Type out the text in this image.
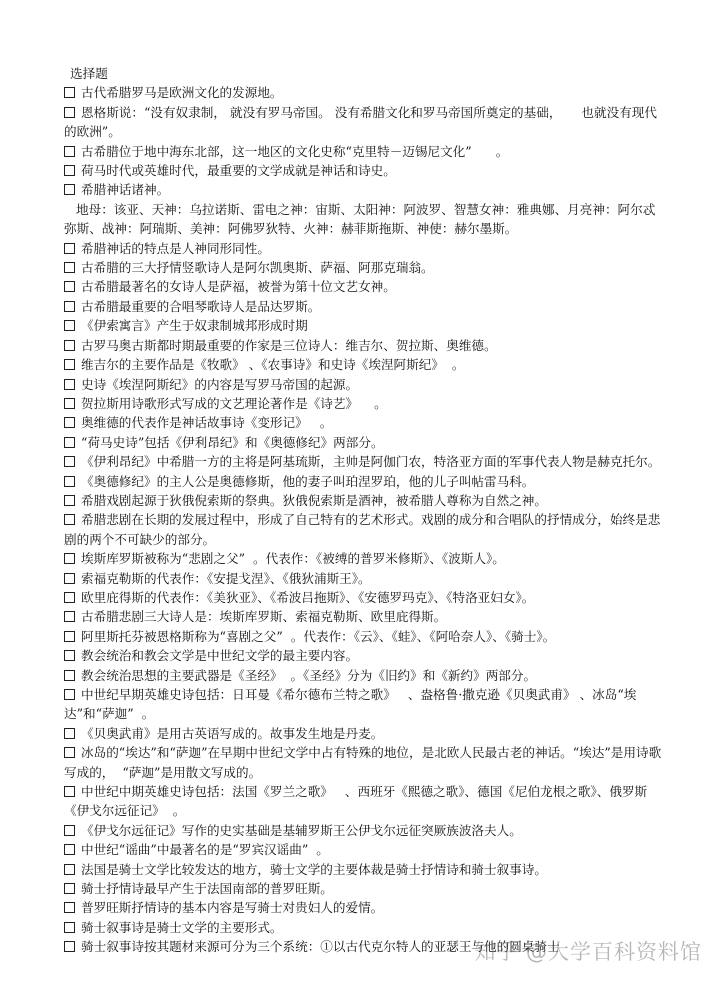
选择题

古代希腊罗马是欧洲文化的发源地。

恩格斯说：“没有奴隶制， 就没有罗马帝国。 没有希腊文化和罗马帝国所奠定的基础，     也就没有现代的欧洲”。

古希腊位于地中海东北部，这一地区的文化史称“克里特－迈锡尼文化”      。

荷马时代或英雄时代，最重要的文学成就是神话和诗史。

希腊神话诸神。

地母：该亚、天神：乌拉诺斯、雷电之神：宙斯、太阳神：阿波罗、智慧女神：雅典娜、月亮神：阿尔忒弥斯、战神：阿瑞斯、美神：阿佛罗狄特、火神：赫菲斯拖斯、神使：赫尔墨斯。

希腊神话的特点是人神同形同性。

古希腊的三大抒情竖歌诗人是阿尔凯奥斯、萨福、阿那克瑞翁。

古希腊最著名的女诗人是萨福，被誉为第十位文艺女神。

古希腊最重要的合唱琴歌诗人是品达罗斯。

《伊索寓言》产生于奴隶制城邦形成时期

古罗马奥古斯都时期最重要的作家是三位诗人：维吉尔、贺拉斯、奥维德。

维吉尔的主要作品是《牧歌》 、《农事诗》和史诗《埃涅阿斯纪》  。

史诗《埃涅阿斯纪》的内容是写罗马帝国的起源。

贺拉斯用诗歌形式写成的文艺理论著作是《诗艺》    。

奥维德的代表作是神话故事诗《变形记》   。

“荷马史诗”包括《伊利昂纪》和《奥德修纪》两部分。

《伊利昂纪》中希腊一方的主将是阿基琉斯，主帅是阿伽门农，特洛亚方面的军事代表人物是赫克托尔。

《奥德修纪》的主人公是奥德修斯，他的妻子叫珀涅罗珀，他的儿子叫帖雷马科。

希腊戏剧起源于狄俄倪索斯的祭典。狄俄倪索斯是酒神，被希腊人尊称为自然之神。

希腊悲剧在长期的发展过程中，形成了自己特有的艺术形式。戏剧的成分和合唱队的抒情成分，始终是悲剧的两个不可缺少的部分。

埃斯库罗斯被称为“悲剧之父”  。代表作：《被缚的普罗米修斯》、《波斯人》。

索福克勒斯的代表作：《安提戈涅》、《俄狄浦斯王》。

欧里庇得斯的代表作：《美狄亚》、《希波吕拖斯》、《安德罗玛克》、《特洛亚妇女》。

古希腊悲剧三大诗人是：埃斯库罗斯、索福克勒斯、欧里庇得斯。

阿里斯托芬被恩格斯称为“喜剧之父”  。代表作：《云》、《蛙》、《阿哈奈人》、《骑士》。

教会统治和教会文学是中世纪文学的最主要内容。

教会统治思想的主要武器是《圣经》  。《圣经》分为《旧约》和《新约》两部分。

中世纪早期英雄史诗包括：日耳曼《希尔德布兰特之歌》   、盎格鲁·撒克逊《贝奥武甫》 、冰岛“埃达”和“萨迦”  。

《贝奥武甫》是用古英语写成的。故事发生地是丹麦。

冰岛的“埃达”和“萨迦”在早期中世纪文学中占有特殊的地位，是北欧人民最古老的神话。“埃达”是用诗歌写成的，  “萨迦”是用散文写成的。

中世纪中期英雄史诗包括：法国《罗兰之歌》   、西班牙《熙德之歌》、德国《尼伯龙根之歌》、俄罗斯《伊戈尔远征记》  。

《伊戈尔远征记》写作的史实基础是基辅罗斯王公伊戈尔远征突厥族波洛夫人。

中世纪“谣曲”中最著名的是“罗宾汉谣曲”  。

法国是骑士文学比较发达的地方，骑士文学的主要体裁是骑士抒情诗和骑士叙事诗。

骑士抒情诗最早产生于法国南部的普罗旺斯。

普罗旺斯抒情诗的基本内容是写骑士对贵妇人的爱情。

骑士叙事诗是骑士文学的主要形式。

骑士叙事诗按其题材来源可分为三个系统：①以古代克尔特人的亚瑟王与他的圆桌骑士

知乎 @大学百科资料馆
